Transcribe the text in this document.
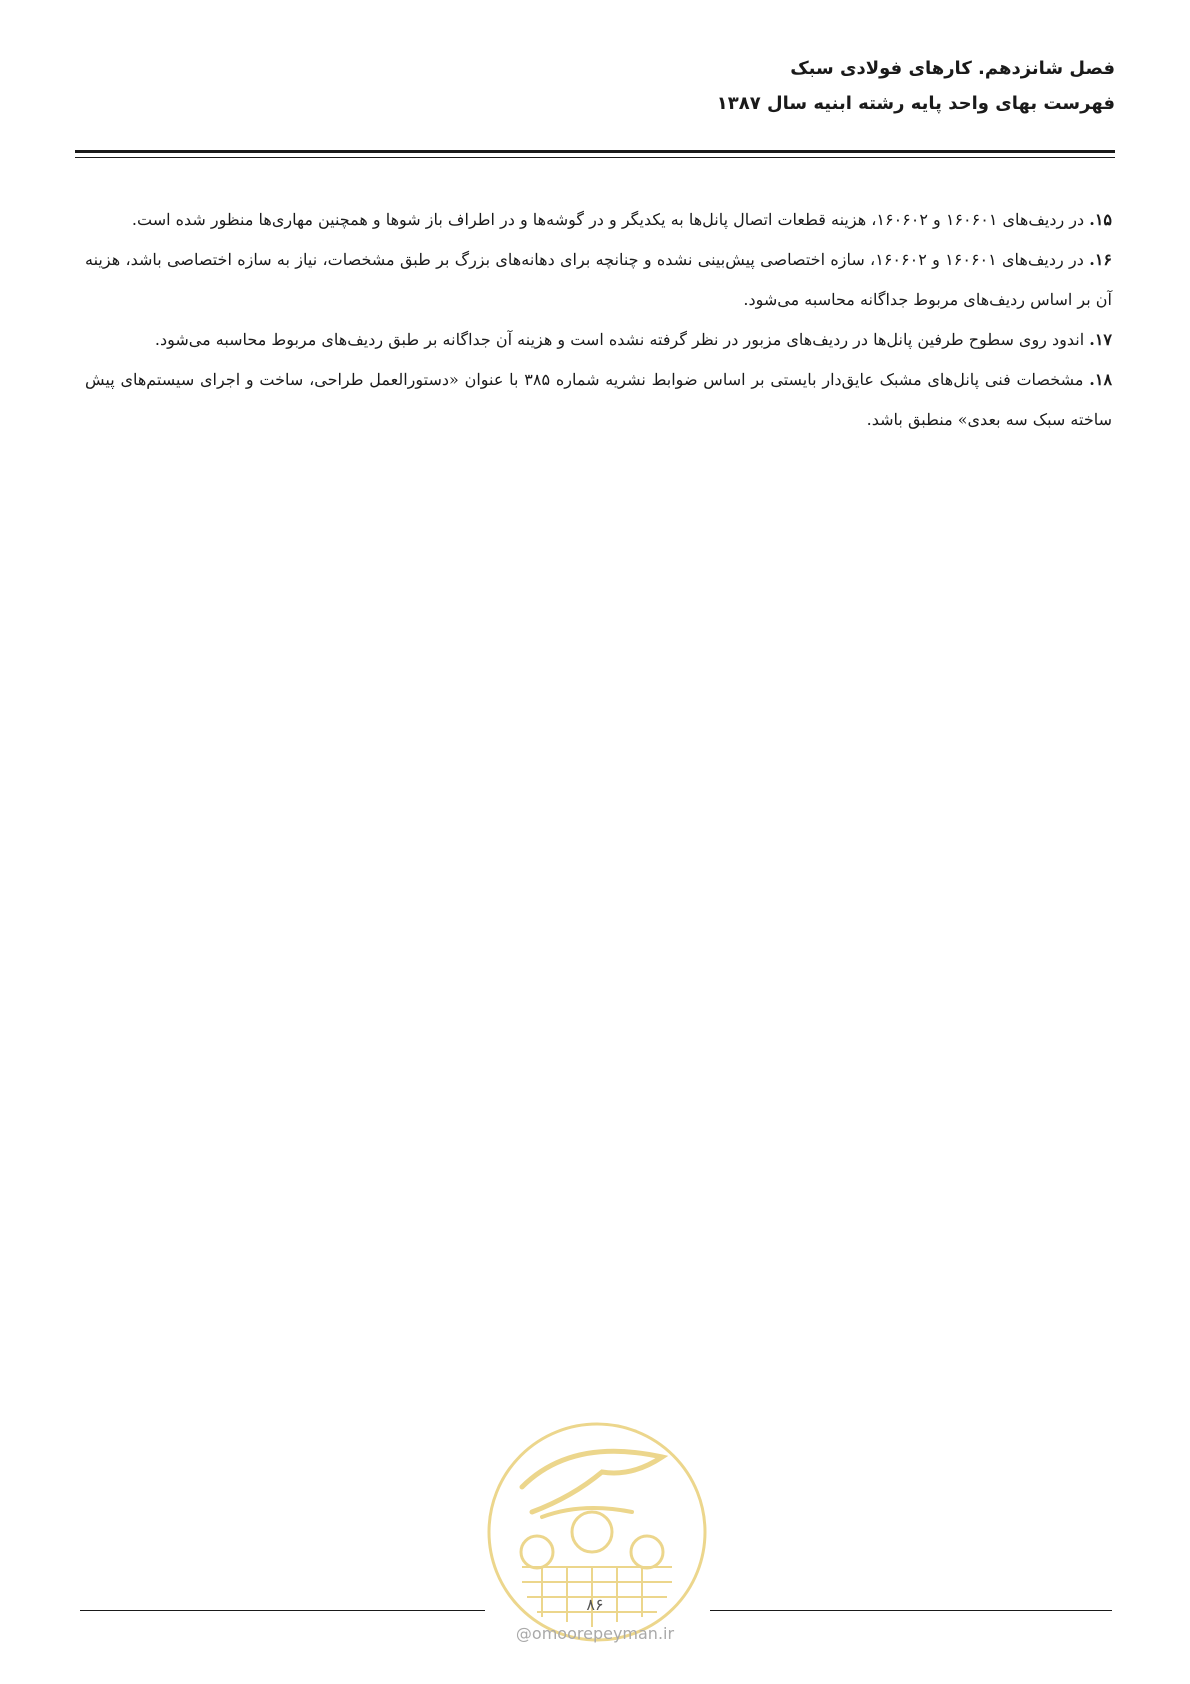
فصل شانزدهم. کارهای فولادی سبک
فهرست بهای واحد پایه رشته ابنیه سال ۱۳۸۷

۱۵. در ردیف‌های ۱۶۰۶۰۱ و ۱۶۰۶۰۲، هزینه قطعات اتصال پانل‌ها به یکدیگر و در گوشه‌ها و در اطراف باز شوها و همچنین مهاری‌ها منظور شده است.

۱۶. در ردیف‌های ۱۶۰۶۰۱ و ۱۶۰۶۰۲، سازه اختصاصی پیش‌بینی نشده و چنانچه برای دهانه‌های بزرگ بر طبق مشخصات، نیاز به سازه اختصاصی باشد، هزینه آن بر اساس ردیف‌های مربوط جداگانه محاسبه می‌شود.

۱۷. اندود روی سطوح طرفین پانل‌ها در ردیف‌های مزبور در نظر گرفته نشده است و هزینه آن جداگانه بر طبق ردیف‌های مربوط محاسبه می‌شود.

۱۸. مشخصات فنی پانل‌های مشبک عایق‌دار بایستی بر اساس ضوابط نشریه شماره ۳۸۵ با عنوان «دستورالعمل طراحی، ساخت و اجرای سیستم‌های پیش ساخته سبک سه بعدی» منطبق باشد.

۸۶
@omoorepeyman.ir
